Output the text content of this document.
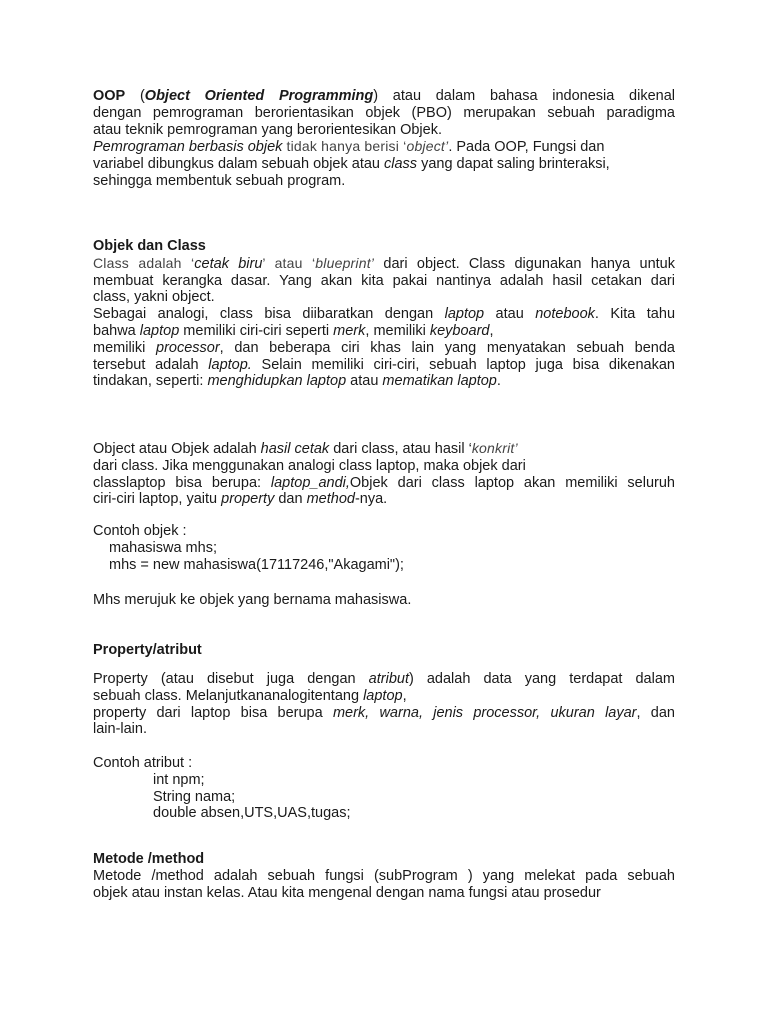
OOP (Object Oriented Programming) atau dalam bahasa indonesia dikenal

dengan pemrograman berorientasikan objek (PBO) merupakan sebuah paradigma

atau teknik pemrograman yang berorientesikan Objek.

Pemrograman berbasis objek tidak hanya berisi ‘object’. Pada OOP, Fungsi dan

variabel dibungkus dalam sebuah objek atau class yang dapat saling brinteraksi,

sehingga membentuk sebuah program.

Objek dan Class

Class adalah ‘cetak biru’ atau ‘blueprint’ dari object. Class digunakan hanya untuk

membuat kerangka dasar. Yang akan kita pakai nantinya adalah hasil cetakan dari

class, yakni object.

Sebagai analogi, class bisa diibaratkan dengan laptop atau notebook. Kita tahu

bahwa laptop memiliki ciri-ciri seperti merk, memiliki keyboard,

memiliki processor, dan beberapa ciri khas lain yang menyatakan sebuah benda

tersebut adalah laptop. Selain memiliki ciri-ciri, sebuah laptop juga bisa dikenakan

tindakan, seperti: menghidupkan laptop atau mematikan laptop.

Object atau Objek adalah hasil cetak dari class, atau hasil ‘konkrit’

dari class. Jika menggunakan analogi class laptop, maka objek dari

classlaptop bisa berupa: laptop_andi,Objek dari class laptop akan memiliki seluruh

ciri-ciri laptop, yaitu property dan method-nya.

Contoh objek :

mahasiswa mhs;

mhs = new mahasiswa(17117246,"Akagami");

Mhs merujuk ke objek yang bernama mahasiswa.

Property/atribut

Property (atau disebut juga dengan atribut) adalah data yang terdapat dalam

sebuah class. Melanjutkananalogitentang laptop,

property dari laptop bisa berupa merk, warna, jenis processor, ukuran layar, dan

lain-lain.

Contoh atribut :

int npm;

String nama;

double absen,UTS,UAS,tugas;

Metode /method

Metode /method adalah sebuah fungsi (subProgram ) yang melekat pada sebuah

objek atau instan kelas. Atau kita mengenal dengan nama fungsi atau prosedur
